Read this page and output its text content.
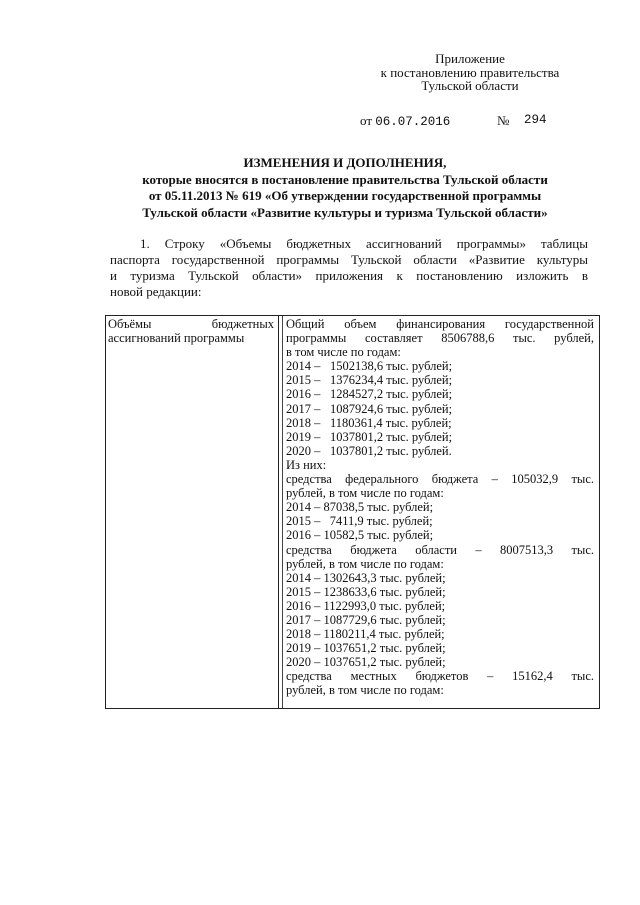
Приложение
к постановлению правительства
Тульской области
от 06.07.2016	№ 294
ИЗМЕНЕНИЯ И ДОПОЛНЕНИЯ,
которые вносятся в постановление правительства Тульской области
от 05.11.2013 № 619 «Об утверждении государственной программы
Тульской области «Развитие культуры и туризма Тульской области»
1. Строку «Объемы бюджетных ассигнований программы» таблицы
паспорта государственной программы Тульской области «Развитие культуры
и туризма Тульской области» приложения к постановлению изложить в
новой редакции:
Объёмы бюджетных
ассигнований программы
Общий объем финансирования государственной
программы составляет 8506788,6 тыс. рублей,
в том числе по годам:
2014 – 1502138,6 тыс. рублей;
2015 – 1376234,4 тыс. рублей;
2016 – 1284527,2 тыс. рублей;
2017 – 1087924,6 тыс. рублей;
2018 – 1180361,4 тыс. рублей;
2019 – 1037801,2 тыс. рублей;
2020 – 1037801,2 тыс. рублей.
Из них:
средства федерального бюджета – 105032,9 тыс.
рублей, в том числе по годам:
2014 – 87038,5 тыс. рублей;
2015 –   7411,9 тыс. рублей;
2016 – 10582,5 тыс. рублей;
средства бюджета области – 8007513,3 тыс.
рублей, в том числе по годам:
2014 – 1302643,3 тыс. рублей;
2015 – 1238633,6 тыс. рублей;
2016 – 1122993,0 тыс. рублей;
2017 – 1087729,6 тыс. рублей;
2018 – 1180211,4 тыс. рублей;
2019 – 1037651,2 тыс. рублей;
2020 – 1037651,2 тыс. рублей;
средства местных бюджетов – 15162,4 тыс.
рублей, в том числе по годам:
